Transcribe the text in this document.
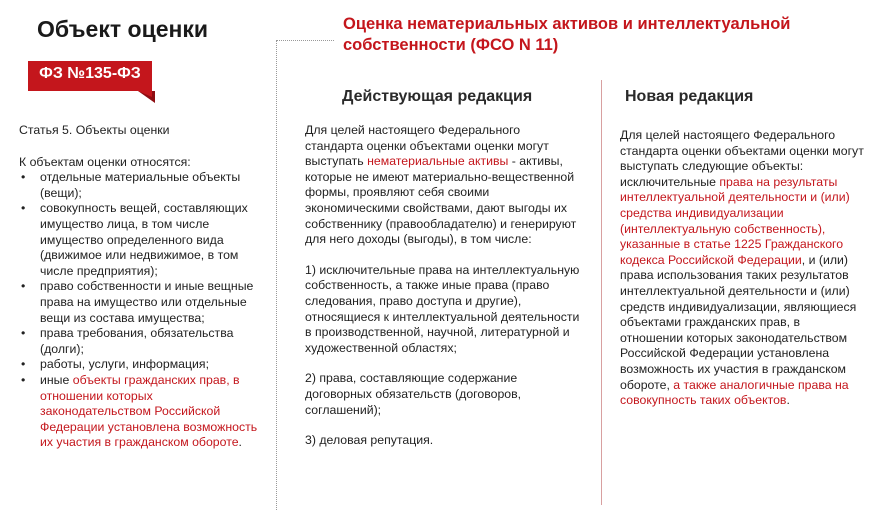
Объект оценки
ФЗ №135-ФЗ
Оценка нематериальных активов и интеллектуальной собственности (ФСО N 11)

Статья 5. Объекты оценки

К объектам оценки относятся:

• отдельные материальные объекты (вещи);
• совокупность вещей, составляющих имущество лица, в том числе имущество определенного вида (движимое или недвижимое, в том числе предприятия);
• право собственности и иные вещные права на имущество или отдельные вещи из состава имущества;
• права требования, обязательства (долги);
• работы, услуги, информация;
• иные объекты гражданских прав, в отношении которых законодательством Российской Федерации установлена возможность их участия в гражданском обороте.
Действующая редакция	Новая редакция

Для целей настоящего Федерального стандарта оценки объектами оценки могут выступать нематериальные активы - активы, которые не имеют материально-вещественной формы, проявляют себя своими экономическими свойствами, дают выгоды их собственнику (правообладателю) и генерируют для него доходы (выгоды), в том числе:

1) исключительные права на интеллектуальную собственность, а также иные права (право следования, право доступа и другие), относящиеся к интеллектуальной деятельности в производственной, научной, литературной и художественной областях;

2) права, составляющие содержание договорных обязательств (договоров, соглашений);

3) деловая репутация.

Для целей настоящего Федерального стандарта оценки объектами оценки могут выступать следующие объекты: исключительные права на результаты интеллектуальной деятельности и (или) средства индивидуализации (интеллектуальную собственность), указанные в статье 1225 Гражданского кодекса Российской Федерации, и (или) права использования таких результатов интеллектуальной деятельности и (или) средств индивидуализации, являющиеся объектами гражданских прав, в отношении которых законодательством Российской Федерации установлена возможность их участия в гражданском обороте, а также аналогичные права на совокупность таких объектов.
